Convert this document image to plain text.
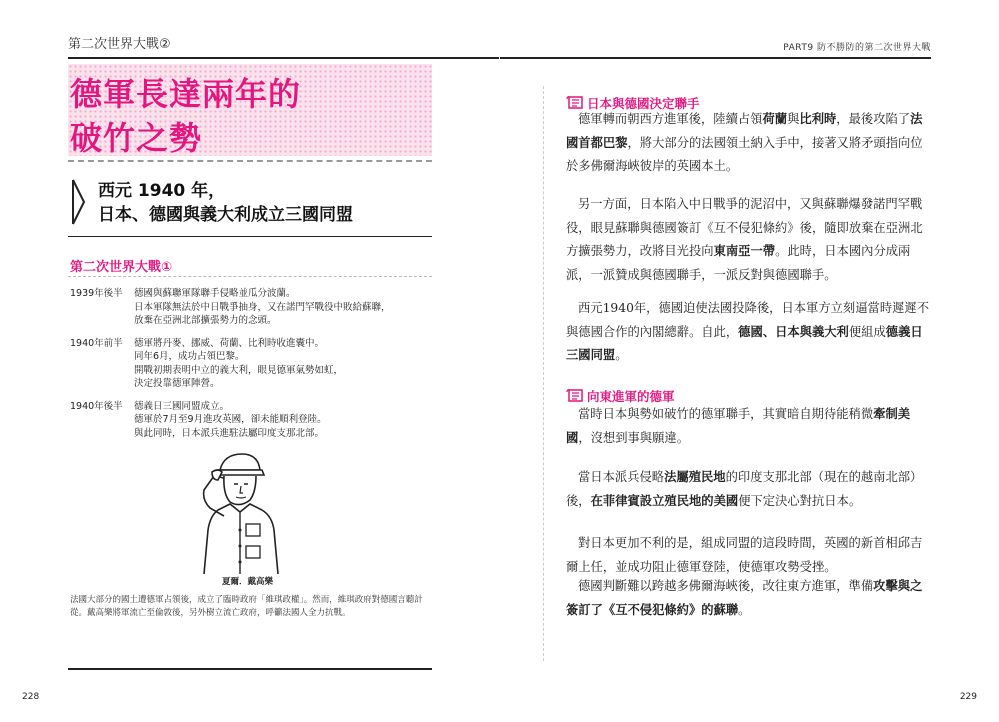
第二次世界大戰②
德軍長達兩年的
破竹之勢
西元 1940 年，
日本、德國與義大利成立三國同盟
第二次世界大戰①
1939年後半	德國與蘇聯軍隊聯手侵略並瓜分波蘭。
日本軍隊無法於中日戰爭抽身，又在諾門罕戰役中敗給蘇聯，
放棄在亞洲北部擴張勢力的念頭。
1940年前半	德軍將丹麥、挪威、荷蘭、比利時收進囊中。
同年6月，成功占領巴黎。
開戰初期表明中立的義大利，眼見德軍氣勢如虹，
決定投靠德軍陣營。
1940年後半	德義日三國同盟成立。
德軍於7月至9月進攻英國，卻未能順利登陸。
與此同時，日本派兵進駐法屬印度支那北部。
夏爾．戴高樂
法國大部分的國土遭德軍占領後，成立了臨時政府「維琪政權」。然而，維琪政府對德國言聽計從。戴高樂將軍流亡至倫敦後，另外樹立流亡政府，呼籲法國人全力抗戰。
228
PART9 防不勝防的第二次世界大戰
日本與德國決定聯手
德軍轉而朝西方進軍後，陸續占領荷蘭與比利時，最後攻陷了法國首都巴黎，將大部分的法國領土納入手中，接著又將矛頭指向位於多佛爾海峽彼岸的英國本土。
另一方面，日本陷入中日戰爭的泥沼中，又與蘇聯爆發諾門罕戰役，眼見蘇聯與德國簽訂《互不侵犯條約》後，隨即放棄在亞洲北方擴張勢力，改將目光投向東南亞一帶。此時，日本國內分成兩派，一派贊成與德國聯手，一派反對與德國聯手。
西元1940年，德國迫使法國投降後，日本軍方立刻逼當時遲遲不與德國合作的內閣總辭。自此，德國、日本與義大利便組成德義日三國同盟。
向東進軍的德軍
當時日本與勢如破竹的德軍聯手，其實暗自期待能稍微牽制美國，沒想到事與願違。
當日本派兵侵略法屬殖民地的印度支那北部（現在的越南北部）後，在菲律賓設立殖民地的美國便下定決心對抗日本。
對日本更加不利的是，組成同盟的這段時間，英國的新首相邱吉爾上任，並成功阻止德軍登陸，使德軍攻勢受挫。
德國判斷難以跨越多佛爾海峽後，改往東方進軍，準備攻擊與之簽訂了《互不侵犯條約》的蘇聯。
229
